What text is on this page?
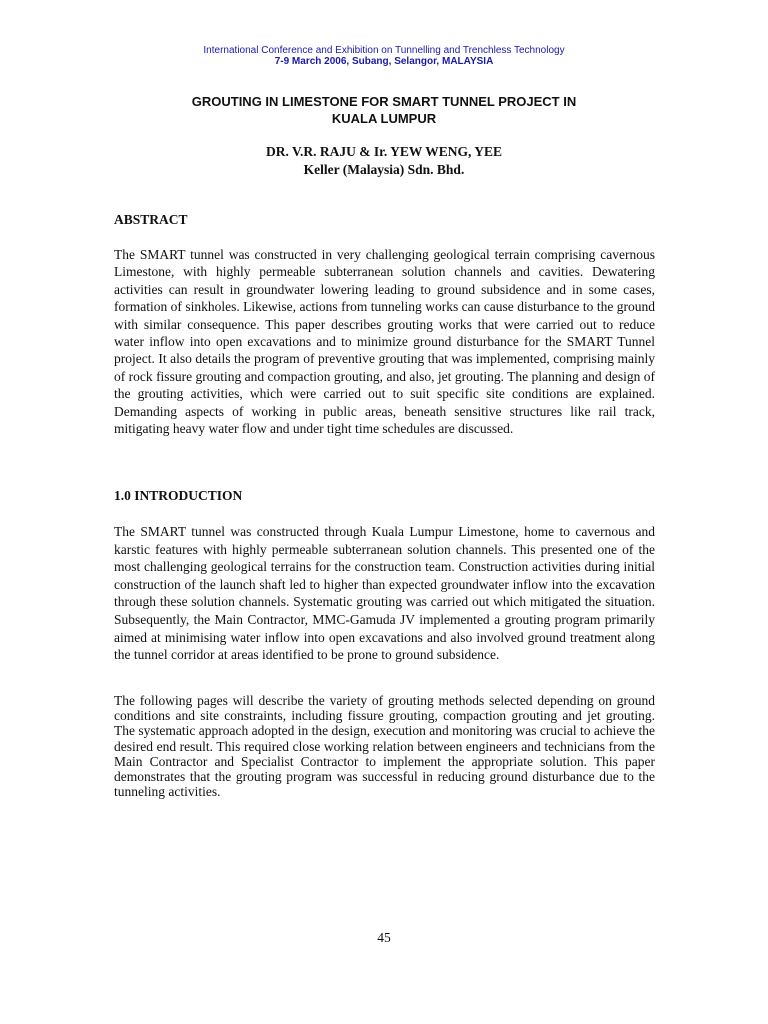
International Conference and Exhibition on Tunnelling and Trenchless Technology
7-9 March 2006, Subang, Selangor, MALAYSIA
GROUTING IN LIMESTONE FOR SMART TUNNEL PROJECT IN
KUALA LUMPUR
DR. V.R. RAJU & Ir. YEW WENG, YEE
Keller (Malaysia) Sdn. Bhd.
ABSTRACT

The SMART tunnel was constructed in very challenging geological terrain comprising cavernous Limestone, with highly permeable subterranean solution channels and cavities. Dewatering activities can result in groundwater lowering leading to ground subsidence and in some cases, formation of sinkholes. Likewise, actions from tunneling works can cause disturbance to the ground with similar consequence. This paper describes grouting works that were carried out to reduce water inflow into open excavations and to minimize ground disturbance for the SMART Tunnel project. It also details the program of preventive grouting that was implemented, comprising mainly of rock fissure grouting and compaction grouting, and also, jet grouting. The planning and design of the grouting activities, which were carried out to suit specific site conditions are explained. Demanding aspects of working in public areas, beneath sensitive structures like rail track, mitigating heavy water flow and under tight time schedules are discussed.

1.0 INTRODUCTION

The SMART tunnel was constructed through Kuala Lumpur Limestone, home to cavernous and karstic features with highly permeable subterranean solution channels. This presented one of the most challenging geological terrains for the construction team. Construction activities during initial construction of the launch shaft led to higher than expected groundwater inflow into the excavation through these solution channels. Systematic grouting was carried out which mitigated the situation. Subsequently, the Main Contractor, MMC-Gamuda JV implemented a grouting program primarily aimed at minimising water inflow into open excavations and also involved ground treatment along the tunnel corridor at areas identified to be prone to ground subsidence.

The following pages will describe the variety of grouting methods selected depending on ground conditions and site constraints, including fissure grouting, compaction grouting and jet grouting. The systematic approach adopted in the design, execution and monitoring was crucial to achieve the desired end result. This required close working relation between engineers and technicians from the Main Contractor and Specialist Contractor to implement the appropriate solution. This paper demonstrates that the grouting program was successful in reducing ground disturbance due to the tunneling activities.

45
